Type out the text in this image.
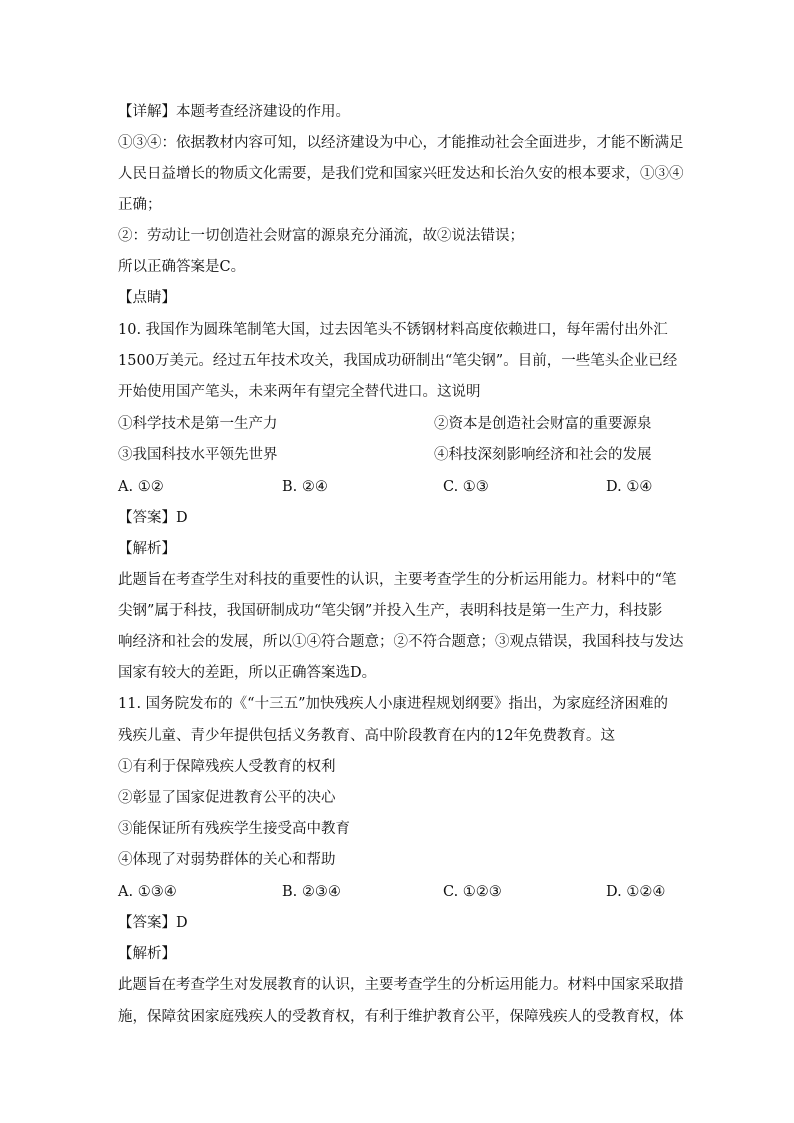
【详解】本题考查经济建设的作用。
①③④：依据教材内容可知，以经济建设为中心，才能推动社会全面进步，才能不断满足
人民日益增长的物质文化需要，是我们党和国家兴旺发达和长治久安的根本要求，①③④
正确；
②：劳动让一切创造社会财富的源泉充分涌流，故②说法错误；
所以正确答案是C。
【点睛】
10. 我国作为圆珠笔制笔大国，过去因笔头不锈钢材料高度依赖进口，每年需付出外汇
1500万美元。经过五年技术攻关，我国成功研制出“笔尖钢”。目前，一些笔头企业已经
开始使用国产笔头，未来两年有望完全替代进口。这说明
①科学技术是第一生产力	②资本是创造社会财富的重要源泉
③我国科技水平领先世界	④科技深刻影响经济和社会的发展
A. ①②	B. ②④	C. ①③	D. ①④
【答案】D
【解析】
此题旨在考查学生对科技的重要性的认识，主要考查学生的分析运用能力。材料中的“笔
尖钢”属于科技，我国研制成功“笔尖钢”并投入生产，表明科技是第一生产力，科技影
响经济和社会的发展，所以①④符合题意；②不符合题意；③观点错误，我国科技与发达
国家有较大的差距，所以正确答案选D。
11. 国务院发布的《“十三五”加快残疾人小康进程规划纲要》指出，为家庭经济困难的
残疾儿童、青少年提供包括义务教育、高中阶段教育在内的12年免费教育。这
①有利于保障残疾人受教育的权利
②彰显了国家促进教育公平的决心
③能保证所有残疾学生接受高中教育
④体现了对弱势群体的关心和帮助
A. ①③④	B. ②③④	C. ①②③	D. ①②④
【答案】D
【解析】
此题旨在考查学生对发展教育的认识，主要考查学生的分析运用能力。材料中国家采取措
施，保障贫困家庭残疾人的受教育权，有利于维护教育公平，保障残疾人的受教育权，体
